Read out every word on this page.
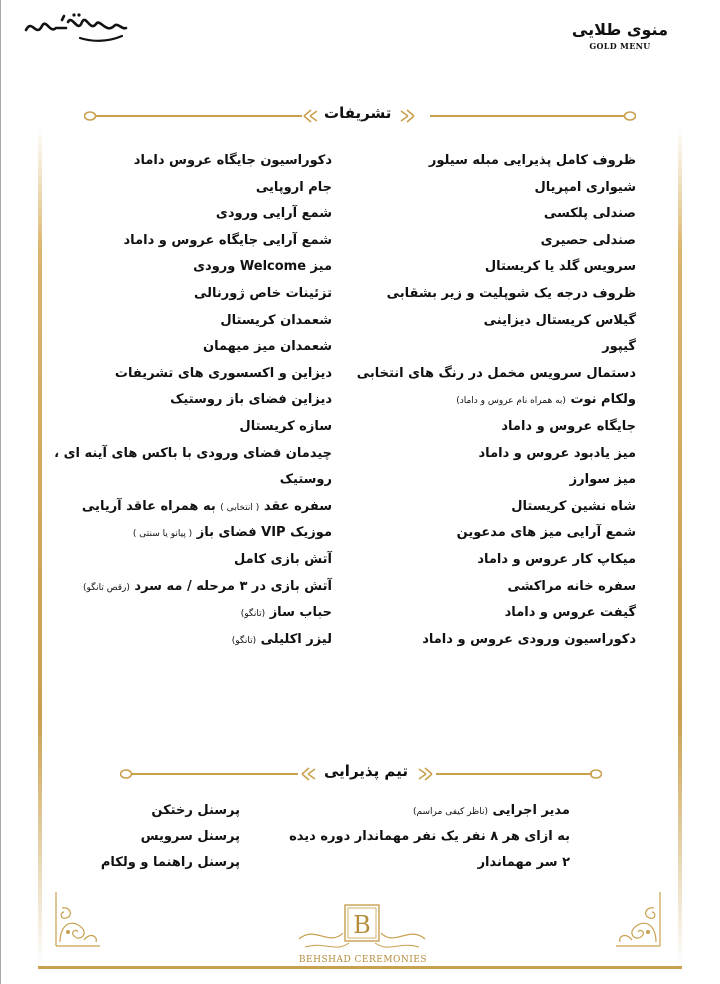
منوی طلایی
GOLD MENU
تشریفات
ظروف کامل پذیرایی مبله سیلور
شیواری امپریال
صندلی پلکسی
صندلی حصیری
سرویس گلد یا کریستال
ظروف درجه یک شوپلیت و زیر بشقابی
گیلاس کریستال دیزاینی
گیپور
دستمال سرویس مخمل در رنگ های انتخابی
ولکام نوت (به همراه نام عروس و داماد)
جایگاه عروس و داماد
میز یادبود عروس و داماد
میز سوارز
شاه نشین کریستال
شمع آرایی میز های مدعوین
میکاپ کار عروس و داماد
سفره خانه مراکشی
گیفت عروس و داماد
دکوراسیون ورودی عروس و داماد
دکوراسیون جایگاه عروس داماد
جام اروپایی
شمع آرایی ورودی
شمع آرایی جایگاه عروس و داماد
میز Welcome ورودی
تزئینات خاص ژورنالی
شعمدان کریستال
شعمدان میز میهمان
دیزاین و اکسسوری های تشریفات
دیزاین فضای باز روستیک
سازه کریستال
چیدمان فضای ورودی با باکس های آینه ای ،
روستیک
سفره عقد ( انتخابی ) به همراه عاقد آریایی
موزیک VIP فضای باز ( پیانو یا سنتی )
آتش بازی کامل
آتش بازی در ۳ مرحله / مه سرد (رقص تانگو)
حباب ساز (تانگو)
لیزر اکلیلی (تانگو)
تیم پذیرایی
مدیر اجرایی (ناظر کیفی مراسم)
به ازای هر ۸ نفر یک نفر مهماندار دوره دیده
۲ سر مهماندار
پرسنل رختکن
پرسنل سرویس
پرسنل راهنما و ولکام
B
BEHSHAD CEREMONIES
